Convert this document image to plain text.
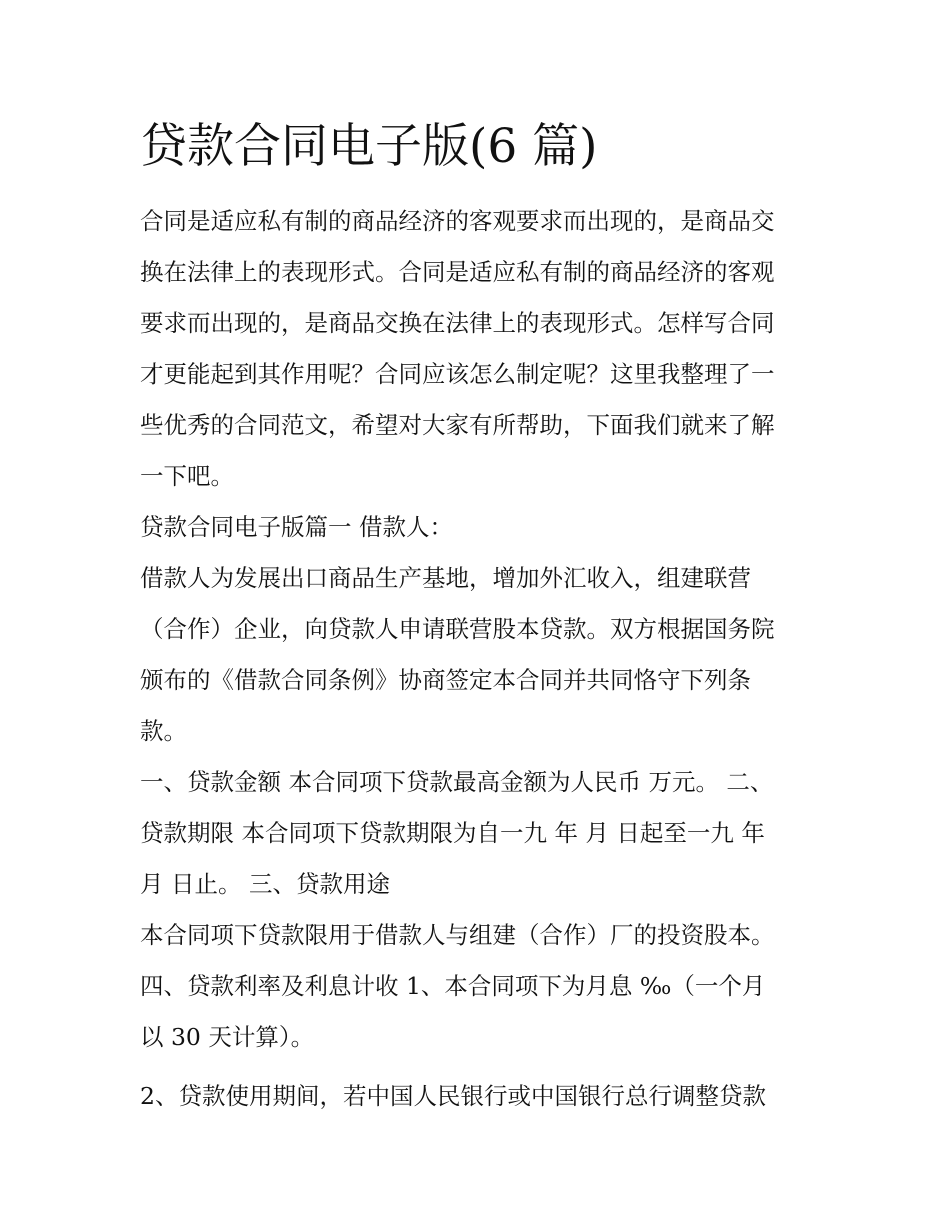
贷款合同电子版(6 篇)
合同是适应私有制的商品经济的客观要求而出现的，是商品交
换在法律上的表现形式。合同是适应私有制的商品经济的客观
要求而出现的，是商品交换在法律上的表现形式。怎样写合同
才更能起到其作用呢？合同应该怎么制定呢？这里我整理了一
些优秀的合同范文，希望对大家有所帮助，下面我们就来了解
一下吧。
贷款合同电子版篇一 借款人：
借款人为发展出口商品生产基地，增加外汇收入，组建联营
（合作）企业，向贷款人申请联营股本贷款。双方根据国务院
颁布的《借款合同条例》协商签定本合同并共同恪守下列条
款。
一、贷款金额 本合同项下贷款最高金额为人民币 万元。 二、
贷款期限 本合同项下贷款期限为自一九 年 月 日起至一九 年
月 日止。 三、贷款用途
本合同项下贷款限用于借款人与组建（合作）厂的投资股本。
四、贷款利率及利息计收 1、本合同项下为月息 ‰（一个月
以 30 天计算）。
2、贷款使用期间，若中国人民银行或中国银行总行调整贷款
